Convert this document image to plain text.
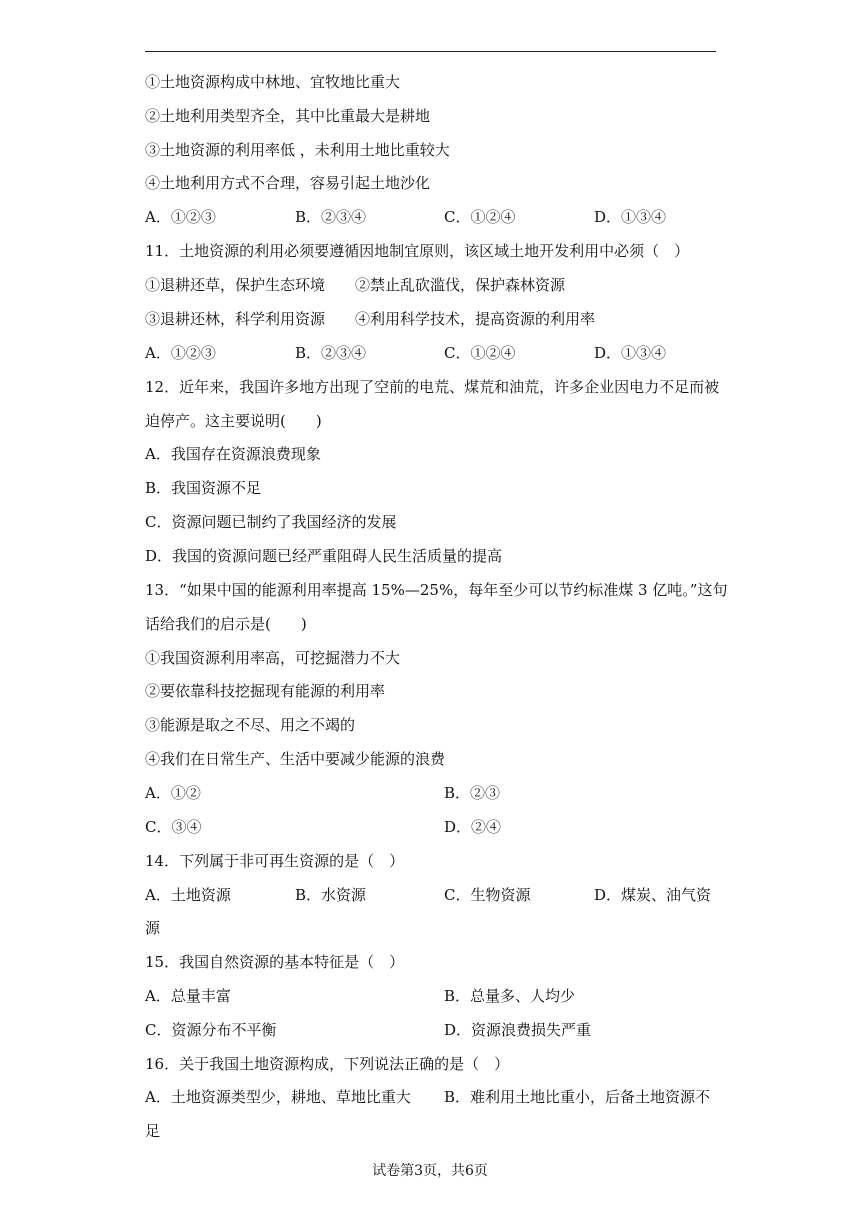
①土地资源构成中林地、宜牧地比重大
②土地利用类型齐全，其中比重最大是耕地
③土地资源的利用率低 ，未利用土地比重较大
④土地利用方式不合理，容易引起土地沙化
A．①②③	B．②③④	C．①②④	D．①③④
11．土地资源的利用必须要遵循因地制宜原则，该区域土地开发利用中必须（　）
①退耕还草，保护生态环境　　②禁止乱砍滥伐，保护森林资源
③退耕还林，科学利用资源　　④利用科学技术，提高资源的利用率
A．①②③	B．②③④	C．①②④	D．①③④
12．近年来，我国许多地方出现了空前的电荒、煤荒和油荒，许多企业因电力不足而被
迫停产。这主要说明(　　)
A．我国存在资源浪费现象
B．我国资源不足
C．资源问题已制约了我国经济的发展
D．我国的资源问题已经严重阻碍人民生活质量的提高
13．“如果中国的能源利用率提高 15%—25%，每年至少可以节约标准煤 3 亿吨。”这句
话给我们的启示是(　　)
①我国资源利用率高，可挖掘潜力不大
②要依靠科技挖掘现有能源的利用率
③能源是取之不尽、用之不竭的
④我们在日常生产、生活中要减少能源的浪费
A．①②	B．②③
C．③④	D．②④
14．下列属于非可再生资源的是（　）
A．土地资源	B．水资源	C．生物资源	D．煤炭、油气资
源
15．我国自然资源的基本特征是（　）
A．总量丰富	B．总量多、人均少
C．资源分布不平衡	D．资源浪费损失严重
16．关于我国土地资源构成，下列说法正确的是（　）
A．土地资源类型少，耕地、草地比重大 B．难利用土地比重小，后备土地资源不
足
试卷第3页，共6页
